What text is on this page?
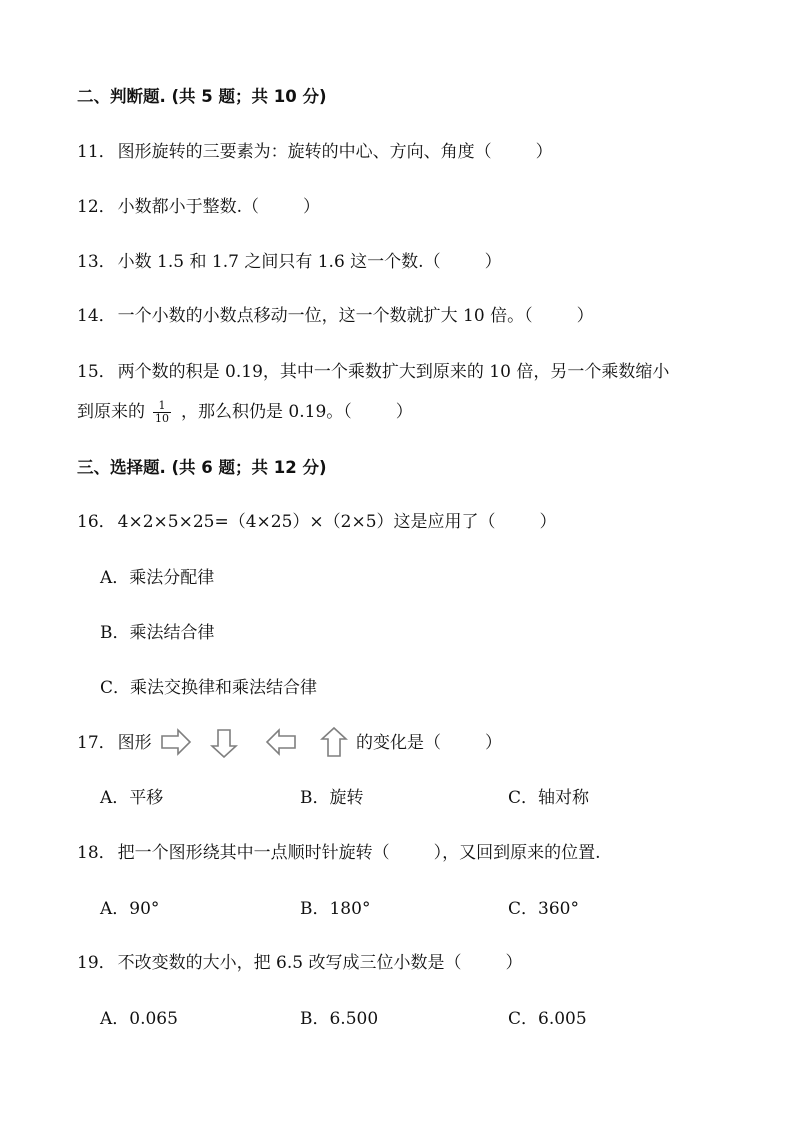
二、判断题. (共 5 题；共 10 分)
11． 图形旋转的三要素为：旋转的中心、方向、角度（	）
12． 小数都小于整数.（	）
13． 小数 1.5 和 1.7 之间只有 1.6 这一个数.（	）
14． 一个小数的小数点移动一位，这一个数就扩大 10 倍。（	）
15． 两个数的积是 0.19，其中一个乘数扩大到原来的 10 倍，另一个乘数缩小
到原来的 $\frac{1}{10}$ ，那么积仍是 0.19。（	）
三、选择题. (共 6 题；共 12 分)
16． 4×2×5×25=（4×25）×（2×5）这是应用了（	）
A．乘法分配律
B．乘法结合律
C．乘法交换律和乘法结合律
17． 图形	的变化是（	）
A．平移	B．旋转	C．轴对称
18． 把一个图形绕其中一点顺时针旋转（	），又回到原来的位置.
A．90°	B．180°	C．360°
19． 不改变数的大小，把 6.5 改写成三位小数是（	）
A．0.065	B．6.500	C．6.005
